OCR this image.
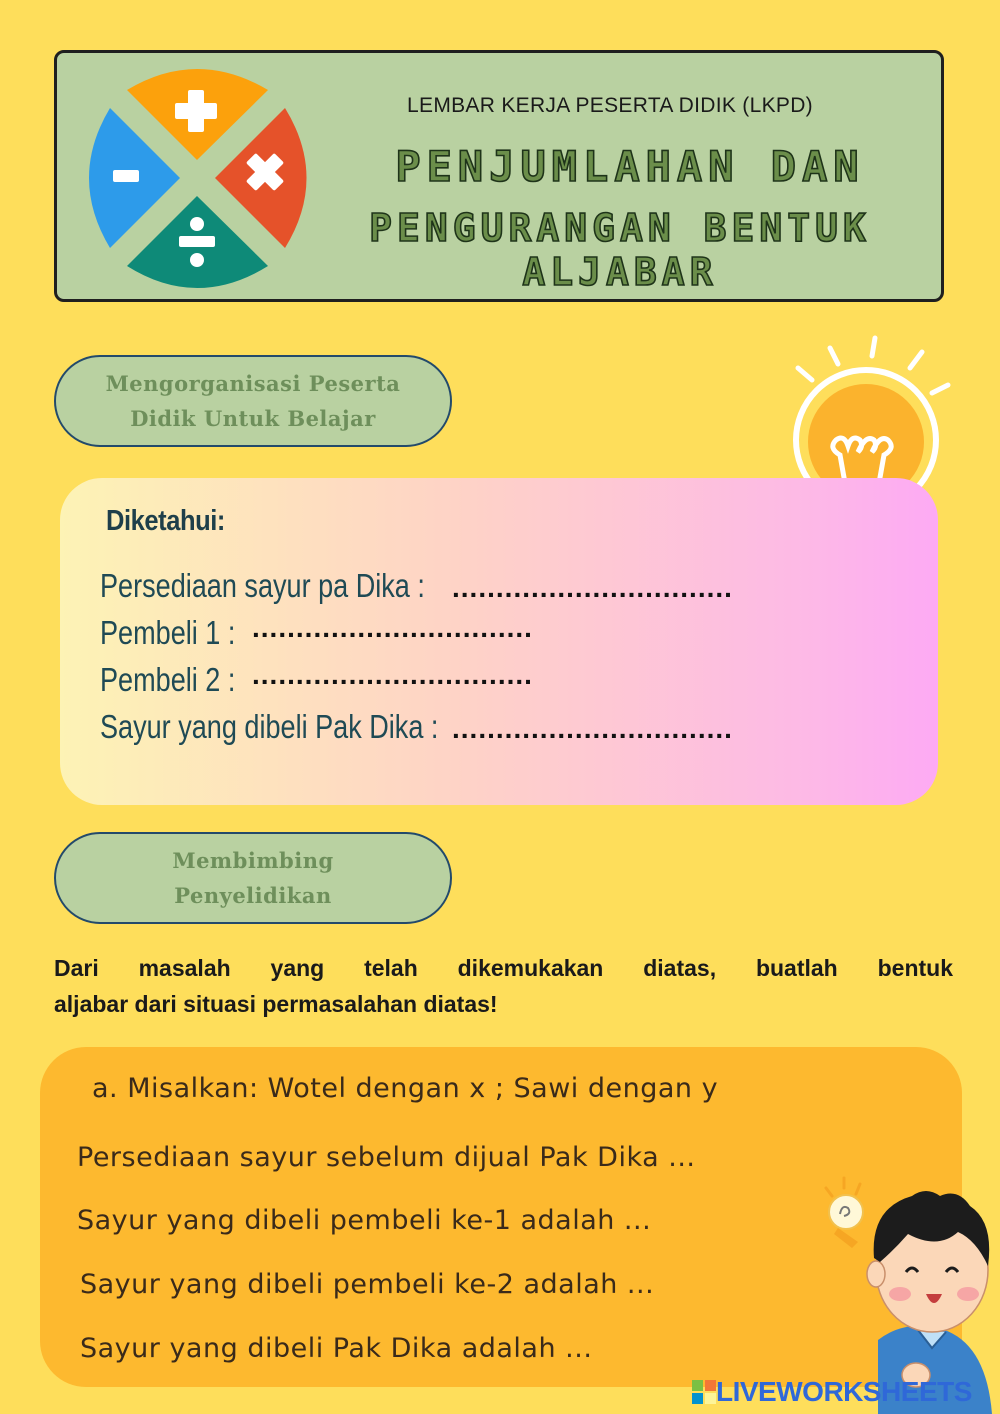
LEMBAR KERJA PESERTA DIDIK (LKPD)
PENJUMLAHAN DAN
PENGURANGAN BENTUK ALJABAR
Mengorganisasi Peserta Didik Untuk Belajar
Diketahui:
Persediaan sayur pa Dika : ................................
Pembeli 1 : ................................
Pembeli 2 : ................................
Sayur yang dibeli Pak Dika : ................................
Membimbing Penyelidikan
Dari masalah yang telah dikemukakan diatas, buatlah bentuk
aljabar dari situasi permasalahan diatas!
a. Misalkan: Wotel dengan x ; Sawi dengan y
Persediaan sayur sebelum dijual Pak Dika ...
Sayur yang dibeli pembeli ke-1 adalah ...
Sayur yang dibeli pembeli ke-2 adalah ...
Sayur yang dibeli Pak Dika adalah ...
LIVEWORKSHEETS
